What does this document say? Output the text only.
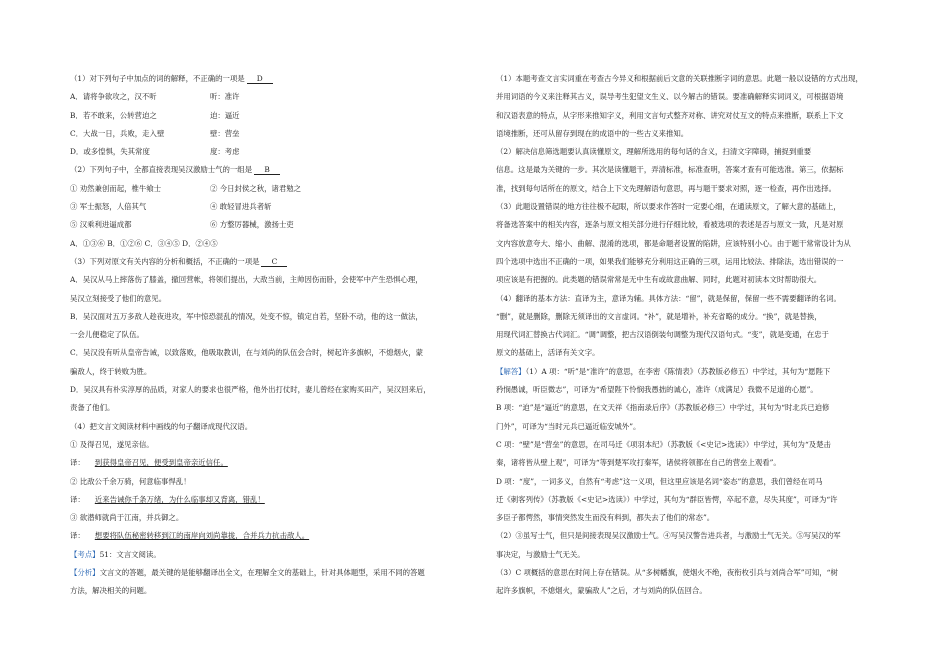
（1）对下列句子中加点的词的解释，不正确的一项是 D
A．请将争欲攻之，汉不听	听：准许
B．若不敢来，公转营迫之	迫：逼近
C．大战一日，兵败，走入壁	壁：营垒
D．或多惶惧，失其常度	度：考虑
（2）下列句子中，全都直接表现吴汉激励士气的一组是 B
① 劝然兼创而起，椎牛飨士	② 今日封侯之秋，诸君勉之
③ 军士振怒，人倍其气	④ 敢轻冒进兵者斩
⑤ 汉乘利进逼成都	⑥ 方整厉器械，激扬士吏
A．①③⑥ B．①②⑥ C．③④⑤ D．②④⑤
（3）下列对原文有关内容的分析和概括，不正确的一项是 C
A．吴汉从马上摔落伤了膝盖，撤回营帐，将领们提出，大敌当前，主帅因伤而卧，会使军中产生恐惧心理，
吴汉立刻接受了他们的意见。
B．吴汉面对五万多敌人趁夜进攻，军中惊恐混乱的情况，处变不惊，镇定自若，坚卧不动，他的这一做法，
一会儿便稳定了队伍。
C．吴汉没有听从皇帝告诫，以致落败，他吸取教训，在与刘尚的队伍会合时，树起许多旗帜，不熄烟火，蒙
骗敌人，终于转败为胜。
D．吴汉具有朴实淳厚的品质，对家人的要求也很严格，他外出打仗时，妻儿曾经在家购买田产，吴汉回来后，
责备了他们。
（4）把文言文阅读材料中画线的句子翻译成现代汉语。
① 及得召见，遂见亲信。
译： 到获得皇帝召见，便受到皇帝亲近信任。
② 比敌公千余万骑，何意临事悍乱！
译： 近来告诫你千条万绪，为什么临事却又背离，错乱！
③ 欲潜师就尚于江南，并兵御之。
译： 想要将队伍秘密转移到江的南岸向刘尚靠拢，合并兵力抗击敌人。
【考点】51：文言文阅读。
【分析】文言文的答题，最关键的是能够翻译出全文，在理解全文的基础上，针对具体题型，采用不同的答题
方法，解决相关的问题。
（1）本题考查文言实词重在考查古今异义和根据前后文意的关联推断字词的意思。此题一般以设错的方式出现，
并用词语的今义来注释其古义，误导考生犯望文生义、以今解古的错误。要准确解释实词词义，可根据语境
和汉语表意的特点，从字形来推知字义，利用文言句式整齐对称、讲究对仗互文的特点来推断，联系上下文
语境推断，还可从留存到现在的成语中的一些古义来推知。
（2）解决信息筛选题要认真读懂原文，理解所选用的每句话的含义，扫清文字障碍，捕捉到重要
信息。这是最为关键的一步。其次是读懂题干，弄清标准，标准查明，答案才查有可能选准。第三，依据标
准，找到每句话所在的原文，结合上下文先理解语句意思，再与题干要求对照，逐一检查，再作出选择。
（3）此题设置错误的地方往往极不起眼，所以要求作答时一定要心细，在通读原文，了解大意的基础上，
将备选答案中的相关内容，逐条与原文相关部分进行仔细比较，看被选项的表述是否与原文一致，凡是对原
文内容放意夸大、缩小、曲解、混淆的选项，都是命题者设置的陷阱，应该特别小心。由于题干常常设计为从
四个选项中选出不正确的一项，如果我们能够充分利用这正确的三项，运用比较法、排除法，选出错误的一
项应该是有把握的。此类题的错误常常是无中生有或故意曲解、同时，此题对初读本文时帮助很大。
（4）翻译的基本方法：直译为主，意译为辅。具体方法：“留”，就是保留，保留一些不需要翻译的名词。
“删”，就是删除，删除无须译出的文言虚词。“补”，就是增补，补充省略的成分。“换”，就是替换，
用现代词汇替换古代词汇。“调”调整，把古汉语倒装句调整为现代汉语句式。“变”，就是变通，在忠于
原文的基础上，活译有关文字。
【解答】（1）A 项：“听”是“准许”的意思，在李密《陈情表》（苏教版必修五）中学过，其句为“愿陛下
矜悯愚诚，听臣微志”，可译为“希望陛下怜悯我愚拙的诚心，准许（成满足）我微不足道的心愿”。
B 项：“迫”是“逼近”的意思，在文天祥《指南录后序》（苏教版必修三）中学过，其句为“时北兵已迫修
门外”，可译为“当时元兵已逼近临安城外”。
C 项：“壁”是“营垒”的意思，在司马迁《项羽本纪》（苏教版《<史记>选读》）中学过，其句为“及楚击
秦，诸将皆从壁上观”，可译为“等到楚军攻打秦军，诸侯将领都在自己的营垒上观看”。
D 项：“度”，一词多义，自然有“考虑”这一义项，但这里应该是名词“姿态”的意思，我们曾经在司马
迁《刺客列传》（苏教版《<史记>选读》）中学过，其句为“群臣皆愕，卒起不意，尽失其度”，可译为“许
多臣子都愕然，事情突然发生而没有料到，都失去了他们的常态”。
（2）③虽写士气，但只是间接表现吴汉激励士气。④写吴汉警告进兵者，与激励士气无关。⑤写吴汉的军
事决定，与激励士气无关。
（3）C 项概括的意思在时间上存在错误。从“多树幡旗，使烟火不绝，夜衔枚引兵与刘尚合军”可知，“树
起许多旗帜，不熄烟火，蒙骗敌人”之后，才与刘尚的队伍回合。
